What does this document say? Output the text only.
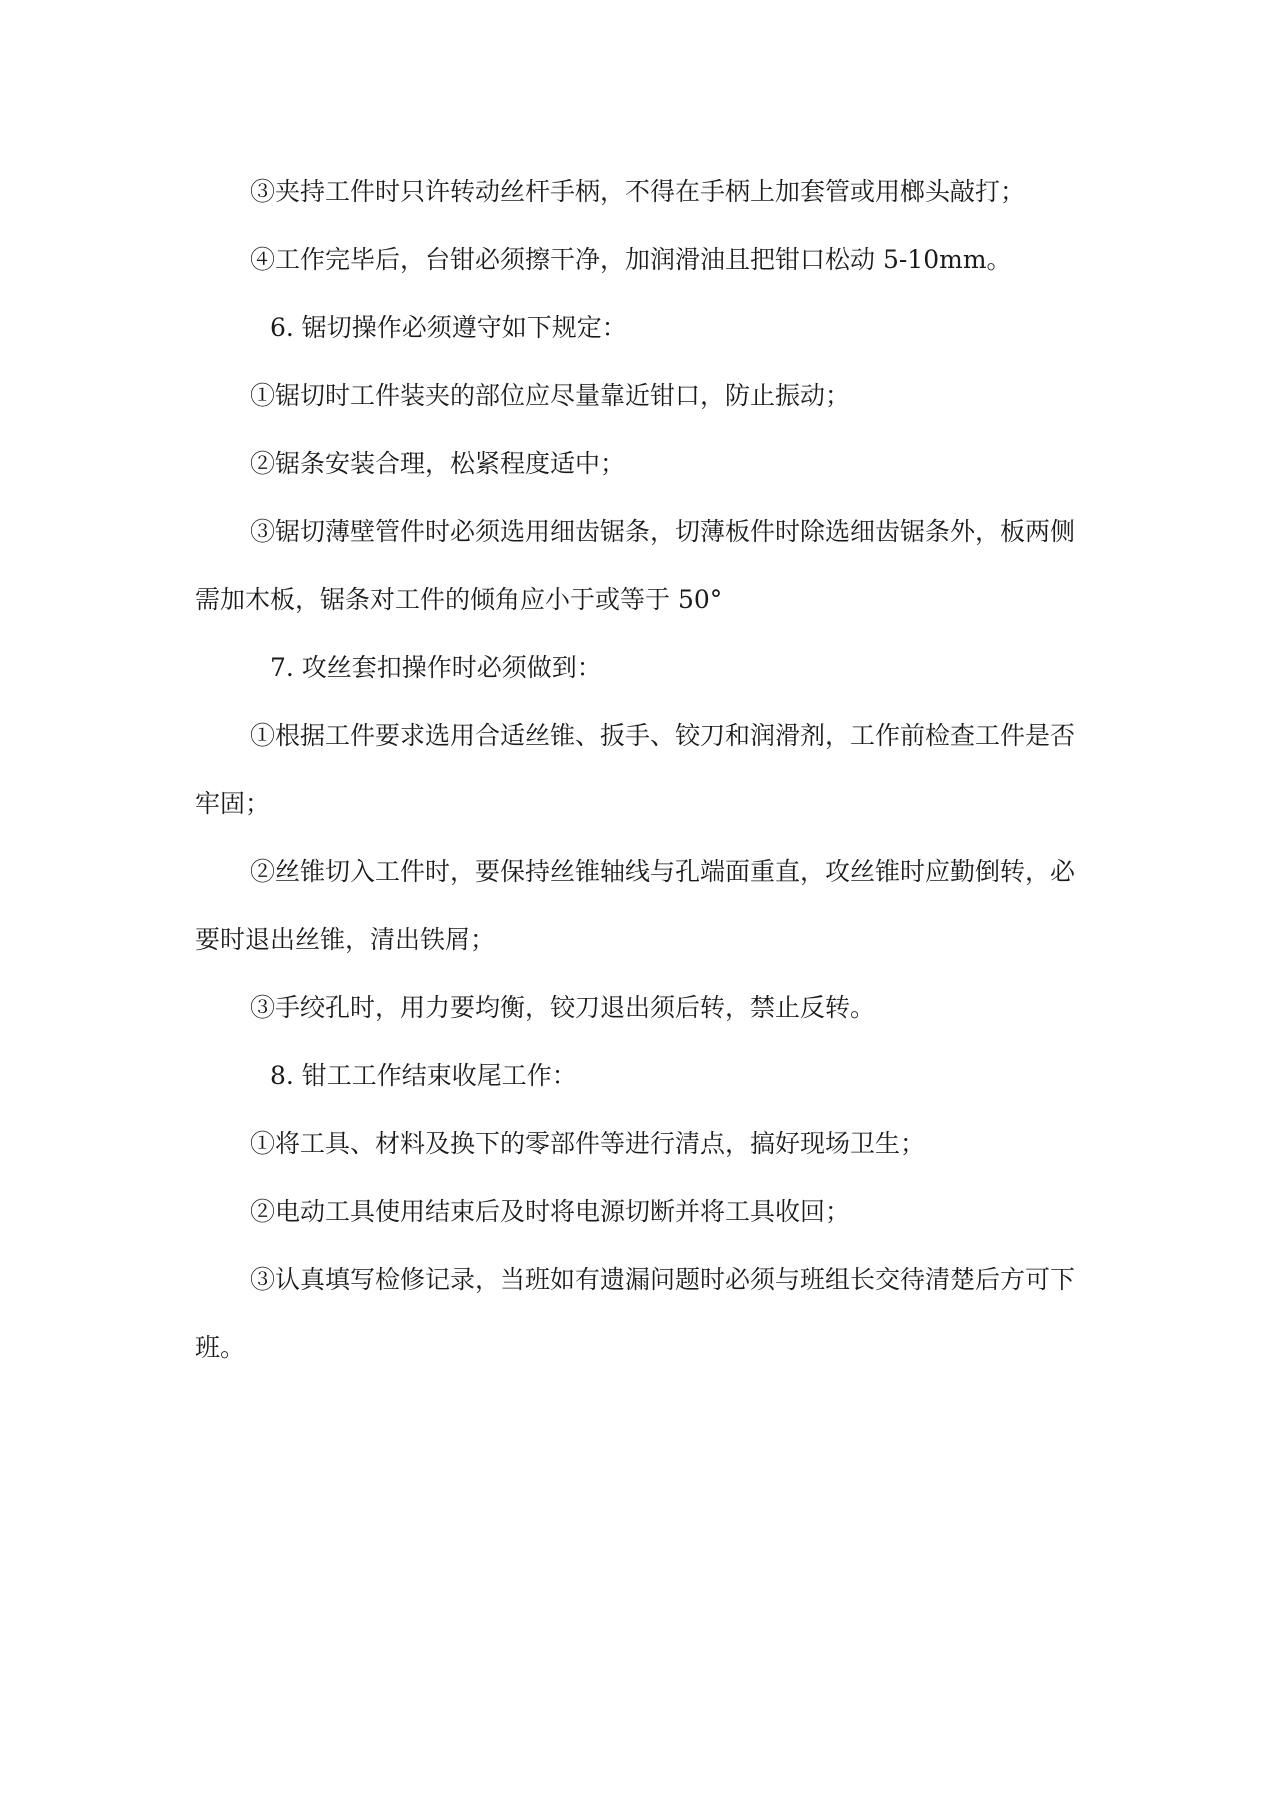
③夹持工件时只许转动丝杆手柄，不得在手柄上加套管或用榔头敲打；

④工作完毕后，台钳必须擦干净，加润滑油且把钳口松动 5-10mm。

6. 锯切操作必须遵守如下规定：

①锯切时工件装夹的部位应尽量靠近钳口，防止振动；

②锯条安装合理，松紧程度适中；

③锯切薄壁管件时必须选用细齿锯条，切薄板件时除选细齿锯条外，板两侧需加木板，锯条对工件的倾角应小于或等于 50°

7. 攻丝套扣操作时必须做到：

①根据工件要求选用合适丝锥、扳手、铰刀和润滑剂，工作前检查工件是否牢固；

②丝锥切入工件时，要保持丝锥轴线与孔端面重直，攻丝锥时应勤倒转，必要时退出丝锥，清出铁屑；

③手绞孔时，用力要均衡，铰刀退出须后转，禁止反转。

8. 钳工工作结束收尾工作：

①将工具、材料及换下的零部件等进行清点，搞好现场卫生；

②电动工具使用结束后及时将电源切断并将工具收回；

③认真填写检修记录，当班如有遗漏问题时必须与班组长交待清楚后方可下班。
